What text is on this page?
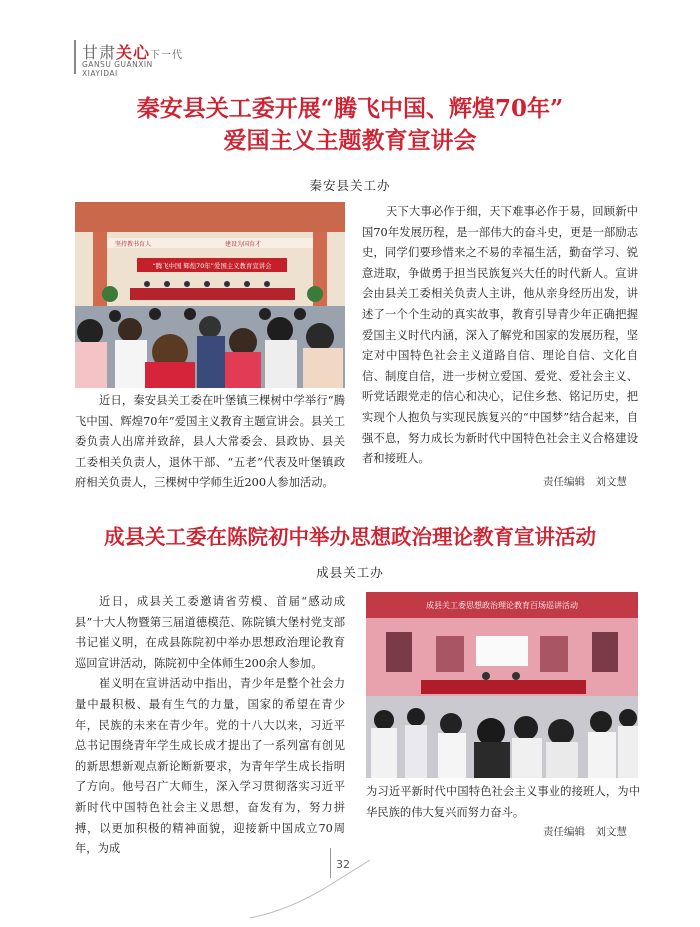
甘肃关心下一代
GANSU GUANXIN
XIAYIDAI
秦安县关工委开展“腾飞中国、辉煌70年”
爱国主义主题教育宣讲会
秦安县关工办
坚持教书育人	建设为国育才
“腾飞中国 辉煌70年”爱国主义教育宣讲会
近日，秦安县关工委在叶堡镇三棵树中学举行“腾飞中国、辉煌70年”爱国主义教育主题宣讲会。县关工委负责人出席并致辞，县人大常委会、县政协、县关工委相关负责人，退休干部、“五老”代表及叶堡镇政府相关负责人，三棵树中学师生近200人参加活动。
天下大事必作于细，天下难事必作于易，回顾新中国70年发展历程，是一部伟大的奋斗史，更是一部励志史，同学们要珍惜来之不易的幸福生活，勤奋学习、锐意进取，争做勇于担当民族复兴大任的时代新人。宣讲会由县关工委相关负责人主讲，他从亲身经历出发，讲述了一个个生动的真实故事，教育引导青少年正确把握爱国主义时代内涵，深入了解党和国家的发展历程，坚定对中国特色社会主义道路自信、理论自信、文化自信、制度自信，进一步树立爱国、爱党、爱社会主义、听党话跟党走的信心和决心，记住乡愁、铭记历史，把实现个人抱负与实现民族复兴的“中国梦”结合起来，自强不息，努力成长为新时代中国特色社会主义合格建设者和接班人。
责任编辑　刘文慧
成县关工委在陈院初中举办思想政治理论教育宣讲活动
成县关工办
近日，成县关工委邀请省劳模、首届“感动成县”十大人物暨第三届道德模范、陈院镇大堡村党支部书记崔义明，在成县陈院初中举办思想政治理论教育巡回宣讲活动，陈院初中全体师生200余人参加。
崔义明在宣讲活动中指出，青少年是整个社会力量中最积极、最有生气的力量，国家的希望在青少年，民族的未来在青少年。党的十八大以来，习近平总书记围绕青年学生成长成才提出了一系列富有创见的新思想新观点新论断新要求，为青年学生成长指明了方向。他号召广大师生，深入学习贯彻落实习近平新时代中国特色社会主义思想，奋发有为，努力拼搏，以更加积极的精神面貌，迎接新中国成立70周年，为成
成县关工委思想政治理论教育百场巡讲活动
为习近平新时代中国特色社会主义事业的接班人，为中华民族的伟大复兴而努力奋斗。
责任编辑　刘文慧
32
